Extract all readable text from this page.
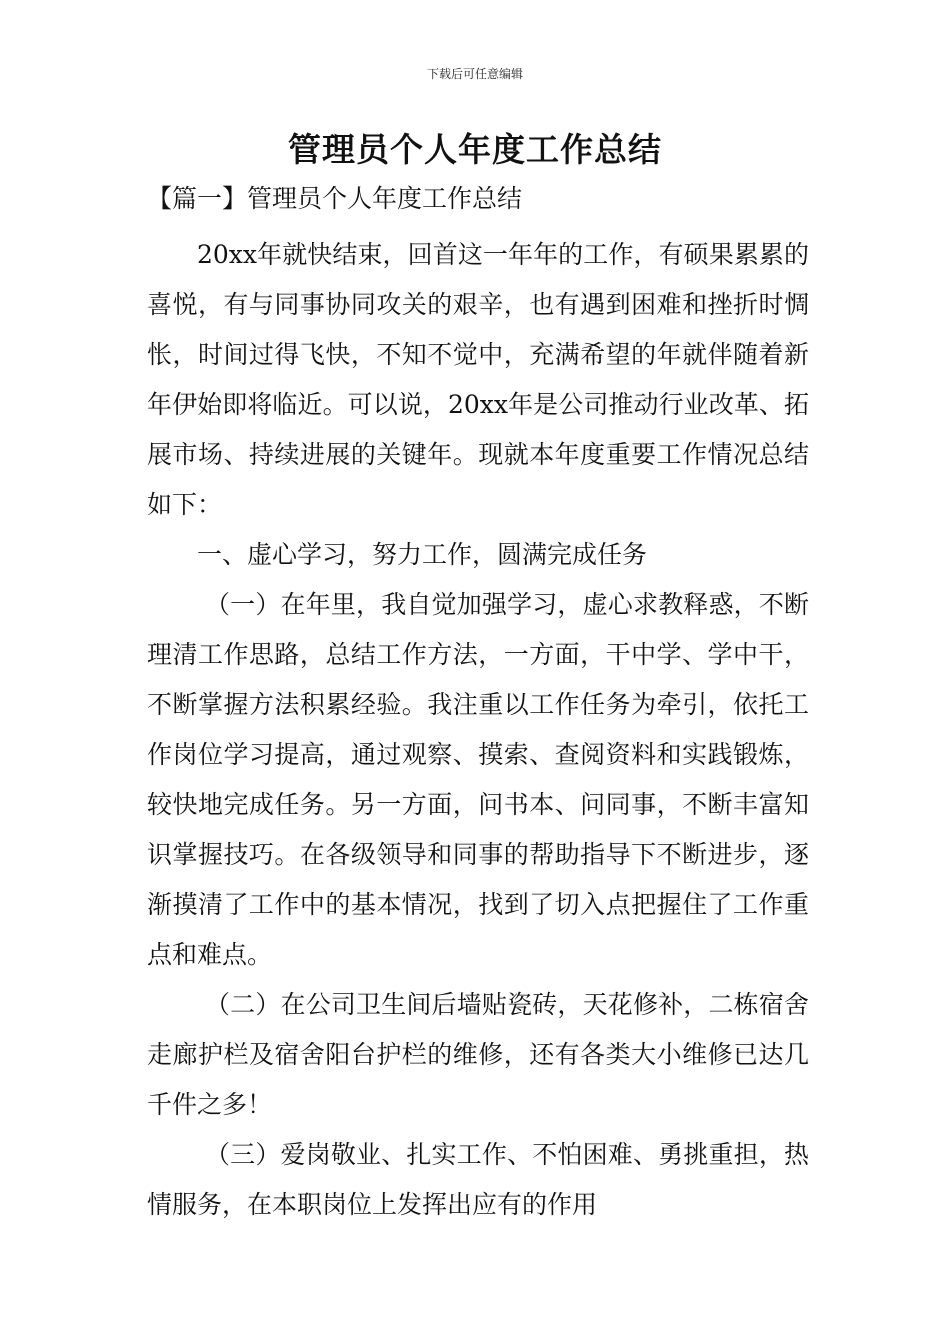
下载后可任意编辑
管理员个人年度工作总结
【篇一】管理员个人年度工作总结

20xx年就快结束，回首这一年年的工作，有硕果累累的喜悦，有与同事协同攻关的艰辛，也有遇到困难和挫折时惆怅，时间过得飞快，不知不觉中，充满希望的年就伴随着新年伊始即将临近。可以说，20xx年是公司推动行业改革、拓展市场、持续进展的关键年。现就本年度重要工作情况总结如下：

一、虚心学习，努力工作，圆满完成任务

（一）在年里，我自觉加强学习，虚心求教释惑，不断理清工作思路，总结工作方法，一方面，干中学、学中干，不断掌握方法积累经验。我注重以工作任务为牵引，依托工作岗位学习提高，通过观察、摸索、查阅资料和实践锻炼，较快地完成任务。另一方面，问书本、问同事，不断丰富知识掌握技巧。在各级领导和同事的帮助指导下不断进步，逐渐摸清了工作中的基本情况，找到了切入点把握住了工作重点和难点。

（二）在公司卫生间后墙贴瓷砖，天花修补，二栋宿舍走廊护栏及宿舍阳台护栏的维修，还有各类大小维修已达几千件之多！

（三）爱岗敬业、扎实工作、不怕困难、勇挑重担，热情服务，在本职岗位上发挥出应有的作用
